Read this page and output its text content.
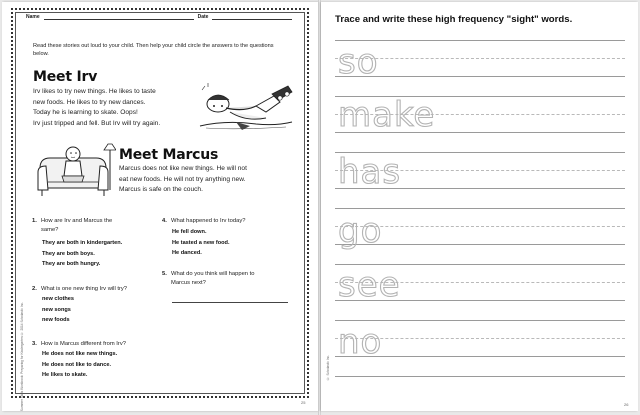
Name	Date
Read these stories out loud to your child. Then help your child circle the answers to the questions below.
Meet Irv
Irv likes to try new things. He likes to taste
new foods. He likes to try new dances.
Today he is learning to skate. Oops!
Irv just tripped and fell. But Irv will try again.
Meet Marcus
Marcus does not like new things. He will not
eat new foods. He will not try anything new.
Marcus is safe on the couch.
1. How are Irv and Marcus the
same?
They are both in kindergarten.
They are both boys.
They are both hungry.
2. What is one new thing Irv will try?
new clothes
new songs
new foods
3. How is Marcus different from Irv?
He does not like new things.
He does not like to dance.
He likes to skate.
4. What happened to Irv today?
He fell down.
He tasted a new food.
He danced.
5. What do you think will happen to
Marcus next?
Summer Skills Workbook: Preparing for Kindergarten © 2014 Scholastic Inc.	25
Trace and write these high frequency "sight" words.
so
make
has
go
see
no
© Scholastic Inc.
26
